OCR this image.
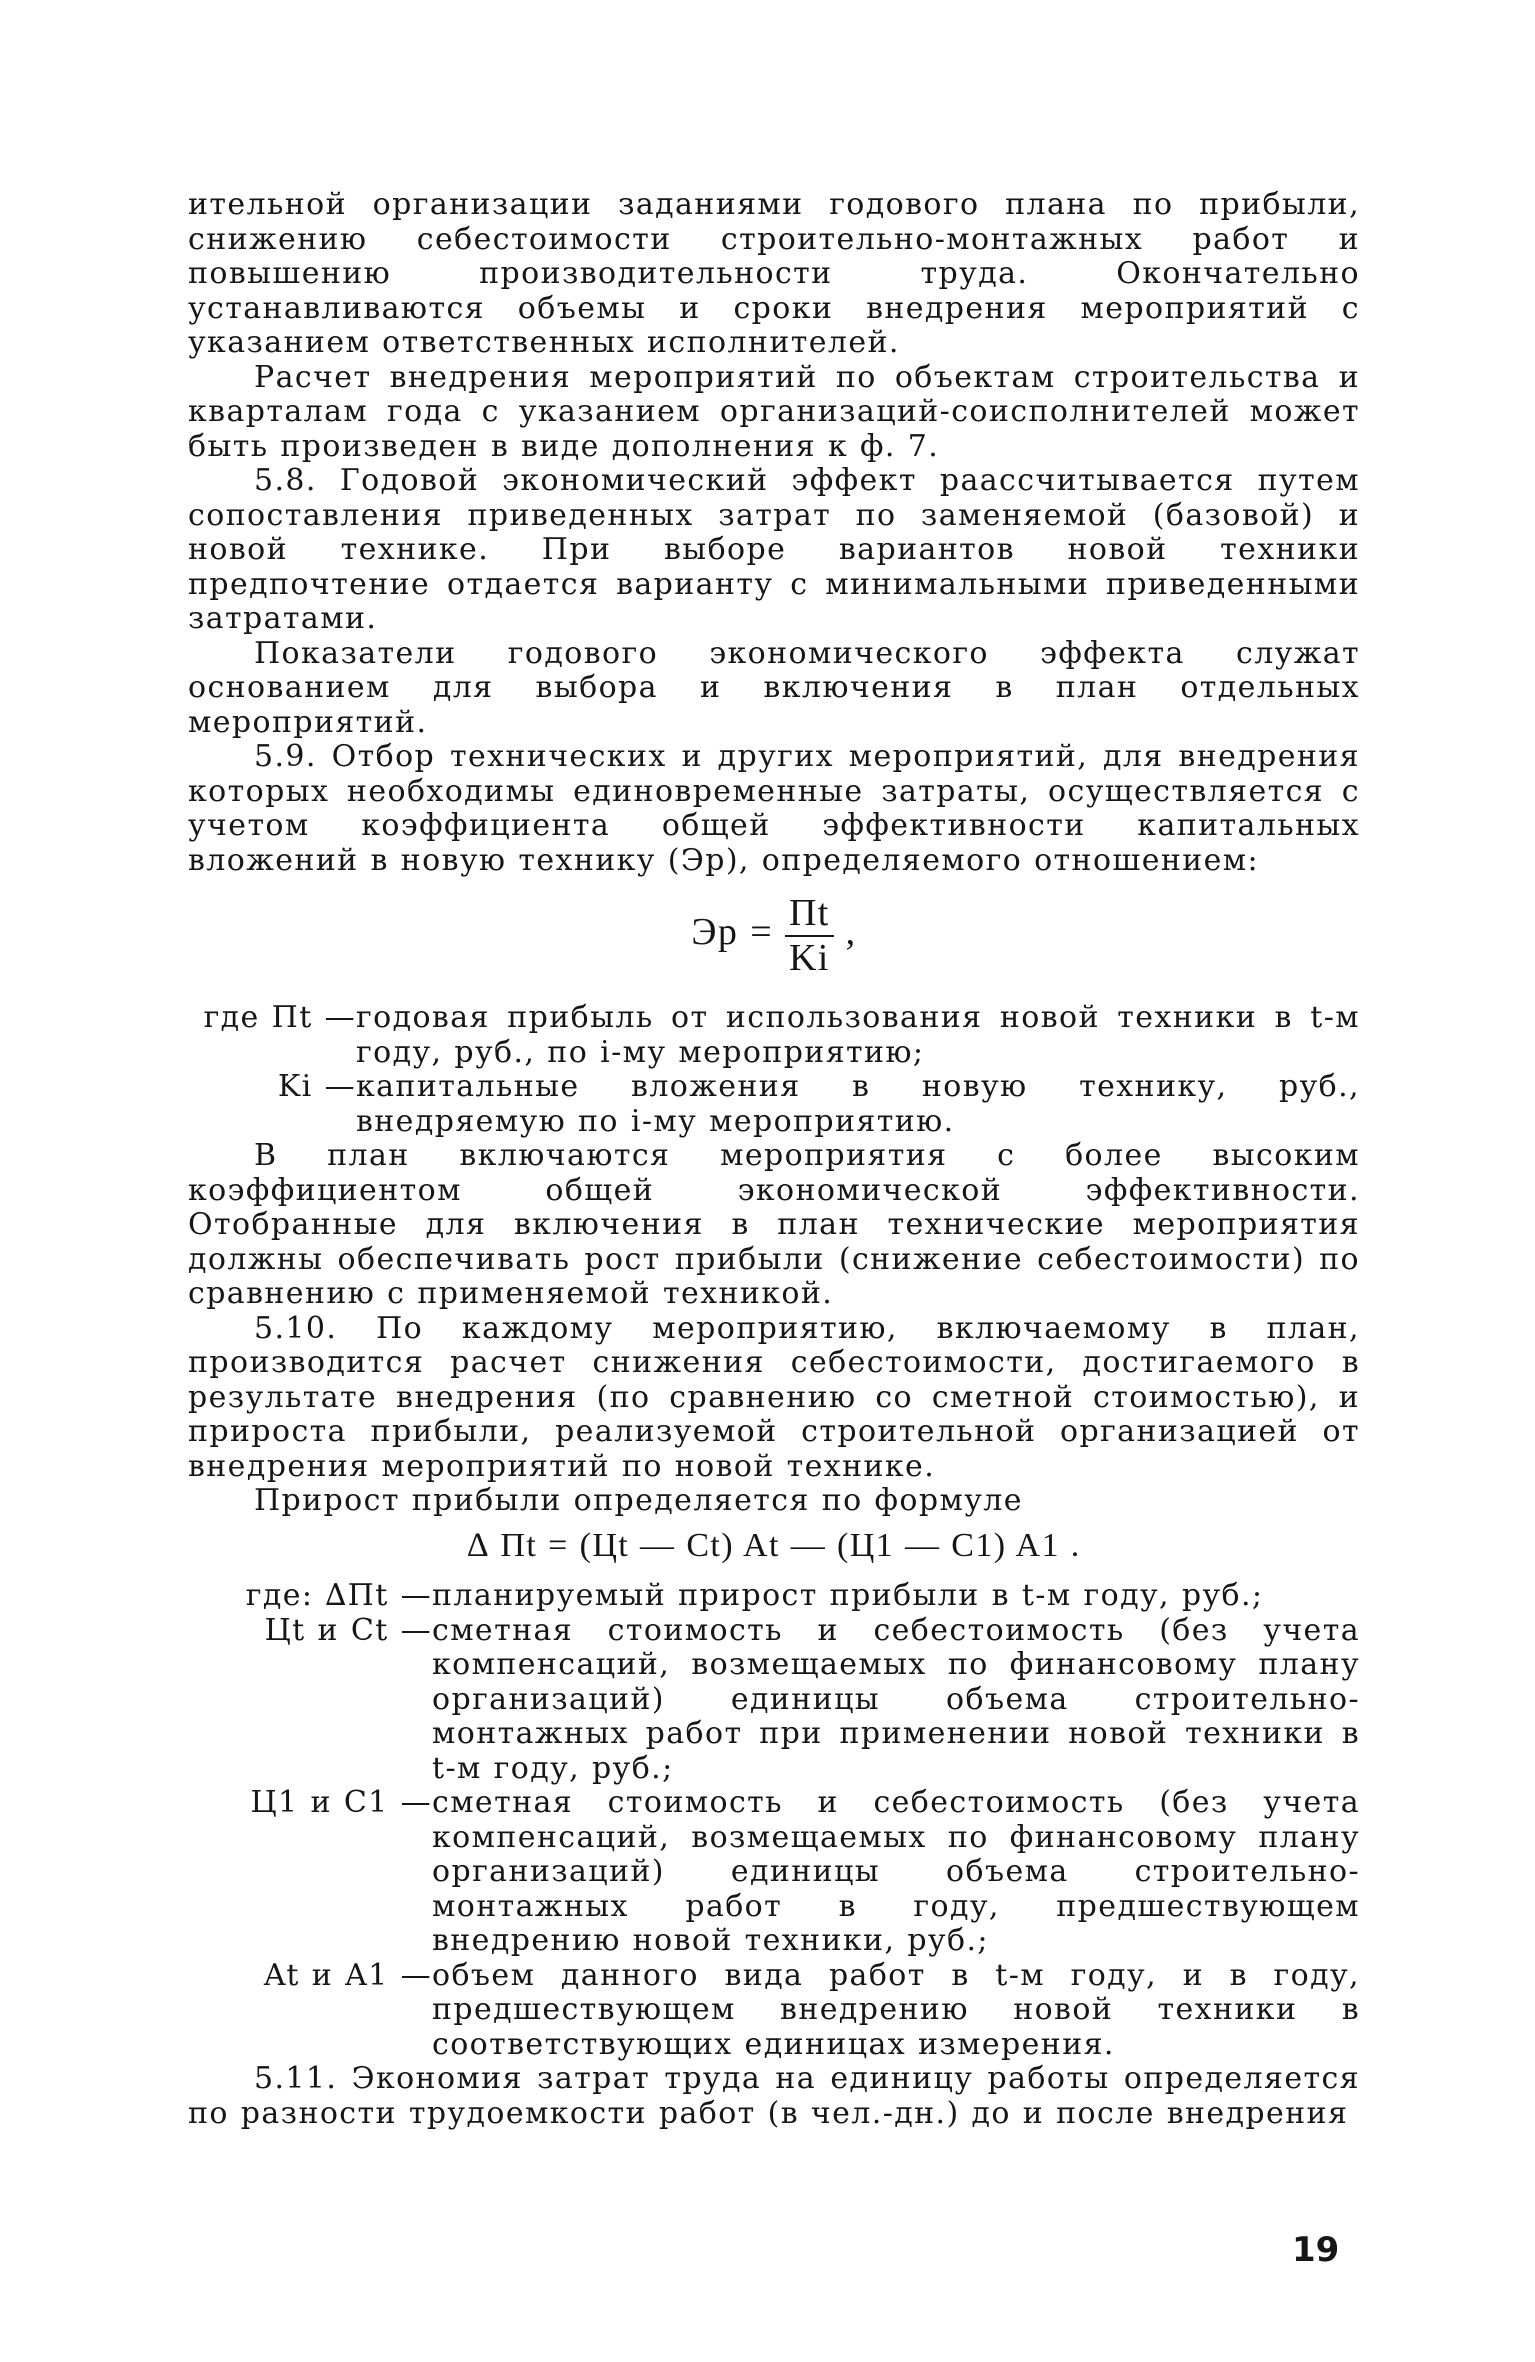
ительной организации заданиями годового плана по прибыли, снижению себестоимости строительно-монтажных работ и повышению производительности труда. Окончательно устанавливаются объемы и сроки внедрения мероприятий с указанием ответственных исполнителей.

Расчет внедрения мероприятий по объектам строительства и кварталам года с указанием организаций-соисполнителей может быть произведен в виде дополнения к ф. 7.

5.8. Годовой экономический эффект раассчитывается путем сопоставления приведенных затрат по заменяемой (базовой) и новой технике. При выборе вариантов новой техники предпочтение отдается варианту с минимальными приведенными затратами.

Показатели годового экономического эффекта служат основанием для выбора и включения в план отдельных мероприятий.

5.9. Отбор технических и других мероприятий, для внедрения которых необходимы единовременные затраты, осуществляется с учетом коэффициента общей эффективности капитальных вложений в новую технику (Эр), определяемого отношением:

Эр = $\frac{Пt}{Ki}$ ,
где Пt — годовая прибыль от использования новой техники в t-м году, руб., по i-му мероприятию;
Ki — капитальные вложения в новую технику, руб., внедряемую по i-му мероприятию.

В план включаются мероприятия с более высоким коэффициентом общей экономической эффективности. Отобранные для включения в план технические мероприятия должны обеспечивать рост прибыли (снижение себестоимости) по сравнению с применяемой техникой.

5.10. По каждому мероприятию, включаемому в план, производится расчет снижения себестоимости, достигаемого в результате внедрения (по сравнению со сметной стоимостью), и прироста прибыли, реализуемой строительной организацией от внедрения мероприятий по новой технике.

Прирост прибыли определяется по формуле

∆ Пt = (Цt — Ct) At — (Ц1 — C1) A1 .
где: ∆Пt — планируемый прирост прибыли в t-м году, руб.;
Цt и Ct — сметная стоимость и себестоимость (без учета компенсаций, возмещаемых по финансовому плану организаций) единицы объема строительно-монтажных работ при применении новой техники в t-м году, руб.;
Ц1 и C1 — сметная стоимость и себестоимость (без учета компенсаций, возмещаемых по финансовому плану организаций) единицы объема строительно-монтажных работ в году, предшествующем внедрению новой техники, руб.;
At и A1 — объем данного вида работ в t-м году, и в году, предшествующем внедрению новой техники в соответствующих единицах измерения.

5.11. Экономия затрат труда на единицу работы определяется по разности трудоемкости работ (в чел.-дн.) до и после внедрения

19
